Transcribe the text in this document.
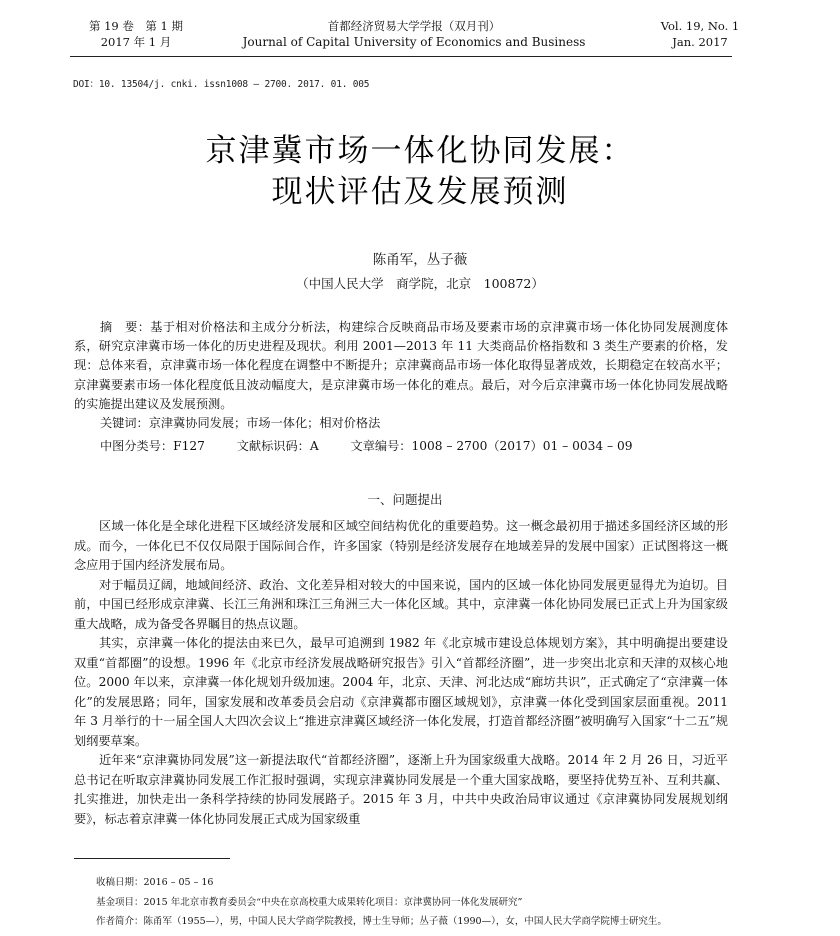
第 19 卷　第 1 期
2017 年 1 月
首都经济贸易大学学报（双月刊）
Journal of Capital University of Economics and Business
Vol. 19, No. 1
Jan. 2017
DOI：10. 13504/j. cnki. issn1008 – 2700. 2017. 01. 005
京津冀市场一体化协同发展：
现状评估及发展预测
陈甬军，丛子薇
（中国人民大学　商学院，北京　100872）
摘　要：基于相对价格法和主成分分析法，构建综合反映商品市场及要素市场的京津冀市场一体化协同发展测度体系，研究京津冀市场一体化的历史进程及现状。利用 2001—2013 年 11 大类商品价格指数和 3 类生产要素的价格，发现：总体来看，京津冀市场一体化程度在调整中不断提升；京津冀商品市场一体化取得显著成效，长期稳定在较高水平；京津冀要素市场一体化程度低且波动幅度大，是京津冀市场一体化的难点。最后，对今后京津冀市场一体化协同发展战略的实施提出建议及发展预测。
关键词：京津冀协同发展；市场一体化；相对价格法
中图分类号：F127	文献标识码：A	文章编号：1008 – 2700（2017）01 – 0034 – 09
一、问题提出

区域一体化是全球化进程下区域经济发展和区域空间结构优化的重要趋势。这一概念最初用于描述多国经济区域的形成。而今，一体化已不仅仅局限于国际间合作，许多国家（特别是经济发展存在地域差异的发展中国家）正试图将这一概念应用于国内经济发展布局。

对于幅员辽阔，地域间经济、政治、文化差异相对较大的中国来说，国内的区域一体化协同发展更显得尤为迫切。目前，中国已经形成京津冀、长江三角洲和珠江三角洲三大一体化区域。其中，京津冀一体化协同发展已正式上升为国家级重大战略，成为备受各界瞩目的热点议题。

其实，京津冀一体化的提法由来已久，最早可追溯到 1982 年《北京城市建设总体规划方案》，其中明确提出要建设双重“首都圈”的设想。1996 年《北京市经济发展战略研究报告》引入“首都经济圈”，进一步突出北京和天津的双核心地位。2000 年以来，京津冀一体化规划升级加速。2004 年，北京、天津、河北达成“廊坊共识”，正式确定了“京津冀一体化”的发展思路；同年，国家发展和改革委员会启动《京津冀都市圈区域规划》，京津冀一体化受到国家层面重视。2011 年 3 月举行的十一届全国人大四次会议上“推进京津冀区域经济一体化发展，打造首都经济圈”被明确写入国家“十二五”规划纲要草案。

近年来“京津冀协同发展”这一新提法取代“首都经济圈”，逐渐上升为国家级重大战略。2014 年 2 月 26 日，习近平总书记在听取京津冀协同发展工作汇报时强调，实现京津冀协同发展是一个重大国家战略，要坚持优势互补、互利共赢、扎实推进，加快走出一条科学持续的协同发展路子。2015 年 3 月，中共中央政治局审议通过《京津冀协同发展规划纲要》，标志着京津冀一体化协同发展正式成为国家级重

收稿日期：2016 – 05 – 16
基金项目：2015 年北京市教育委员会“中央在京高校重大成果转化项目：京津冀协同一体化发展研究”
作者简介：陈甬军（1955—），男，中国人民大学商学院教授，博士生导师；丛子薇（1990—），女，中国人民大学商学院博士研究生。
